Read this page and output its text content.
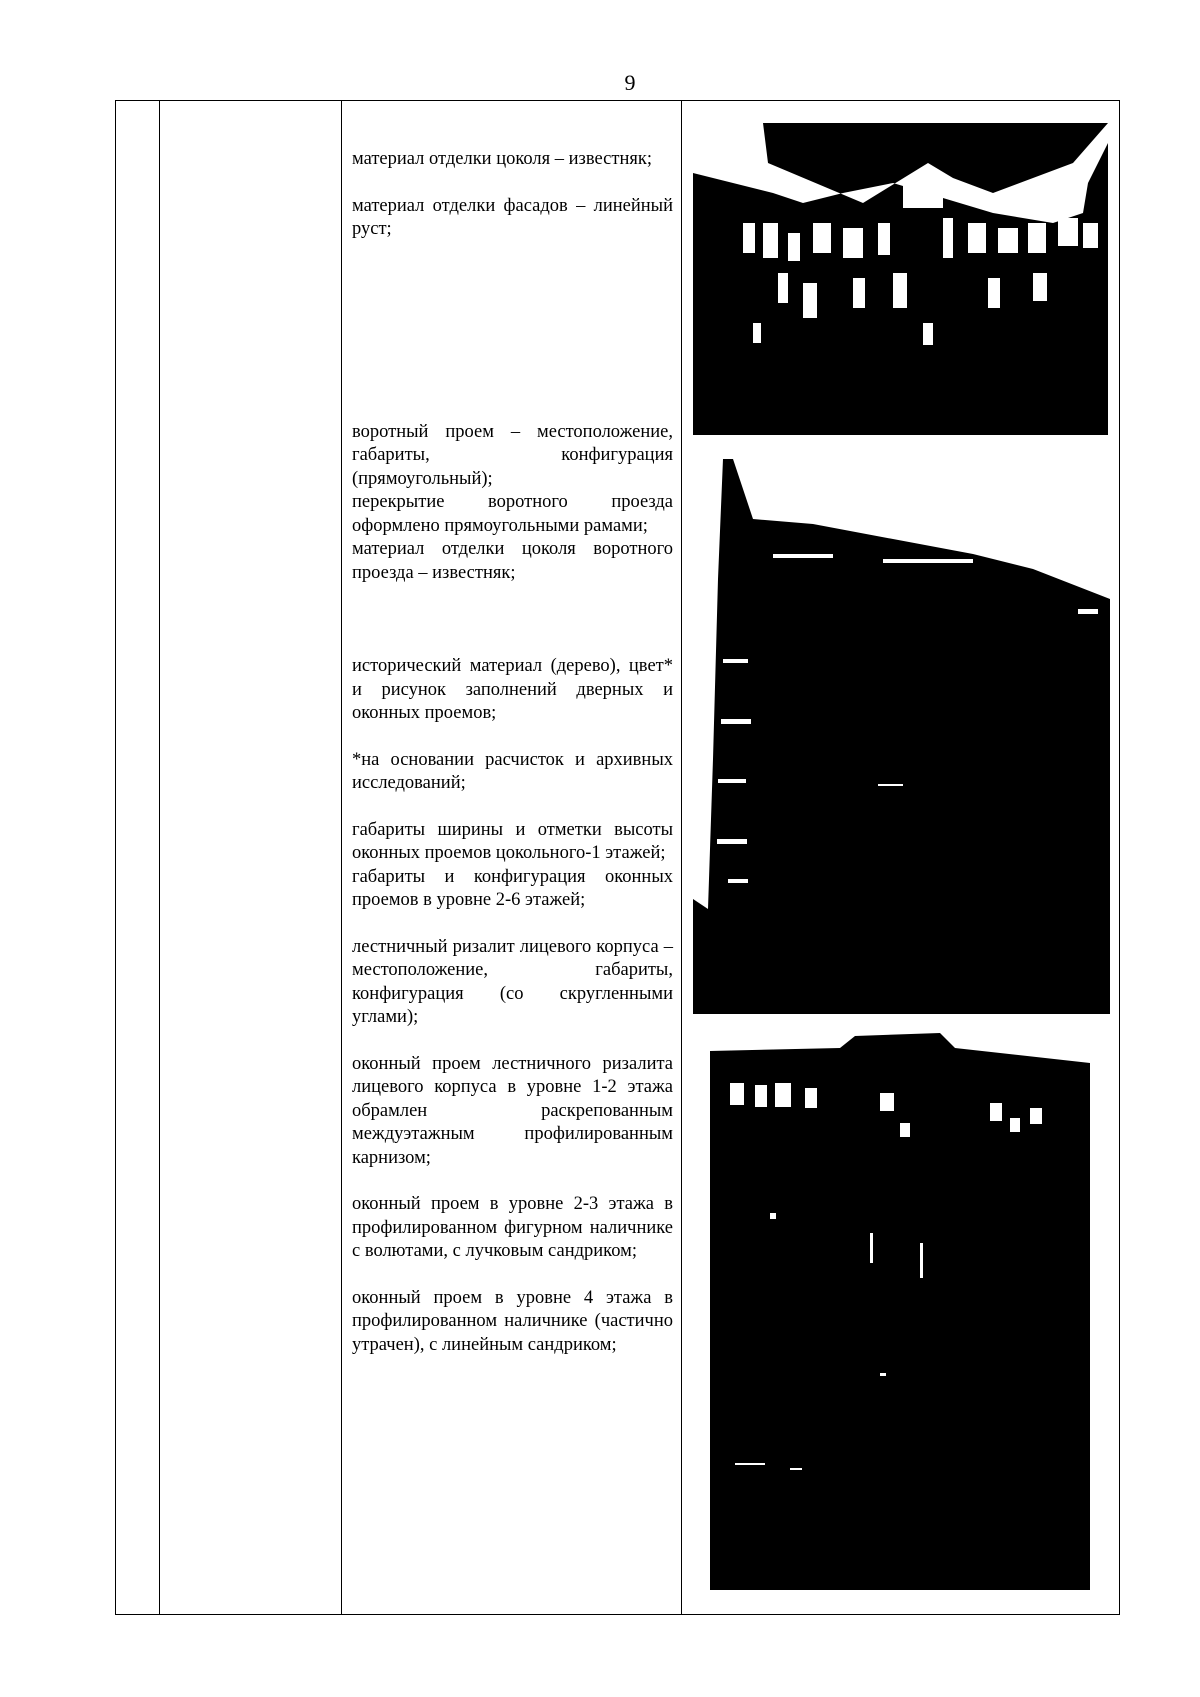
9

материал отделки цоколя – известняк;

материал отделки фасадов – линейный руст;

воротный проем – местоположение, габариты, конфигурация (прямоугольный);

перекрытие воротного проезда оформлено прямоугольными рамами;

материал отделки цоколя воротного проезда – известняк;

исторический материал (дерево), цвет* и рисунок заполнений дверных и оконных проемов;

*на основании расчисток и архивных исследований;

габариты ширины и отметки высоты оконных проемов цокольного-1 этажей;

габариты и конфигурация оконных проемов в уровне 2-6 этажей;

лестничный ризалит лицевого корпуса – местоположение, габариты, конфигурация (со скругленными углами);

оконный проем лестничного ризалита лицевого корпуса в уровне 1-2 этажа обрамлен раскрепованным междуэтажным профилированным карнизом;

оконный проем в уровне 2-3 этажа в профилированном фигурном наличнике с волютами, с лучковым сандриком;

оконный проем в уровне 4 этажа в профилированном наличнике (частично утрачен), с линейным сандриком;
